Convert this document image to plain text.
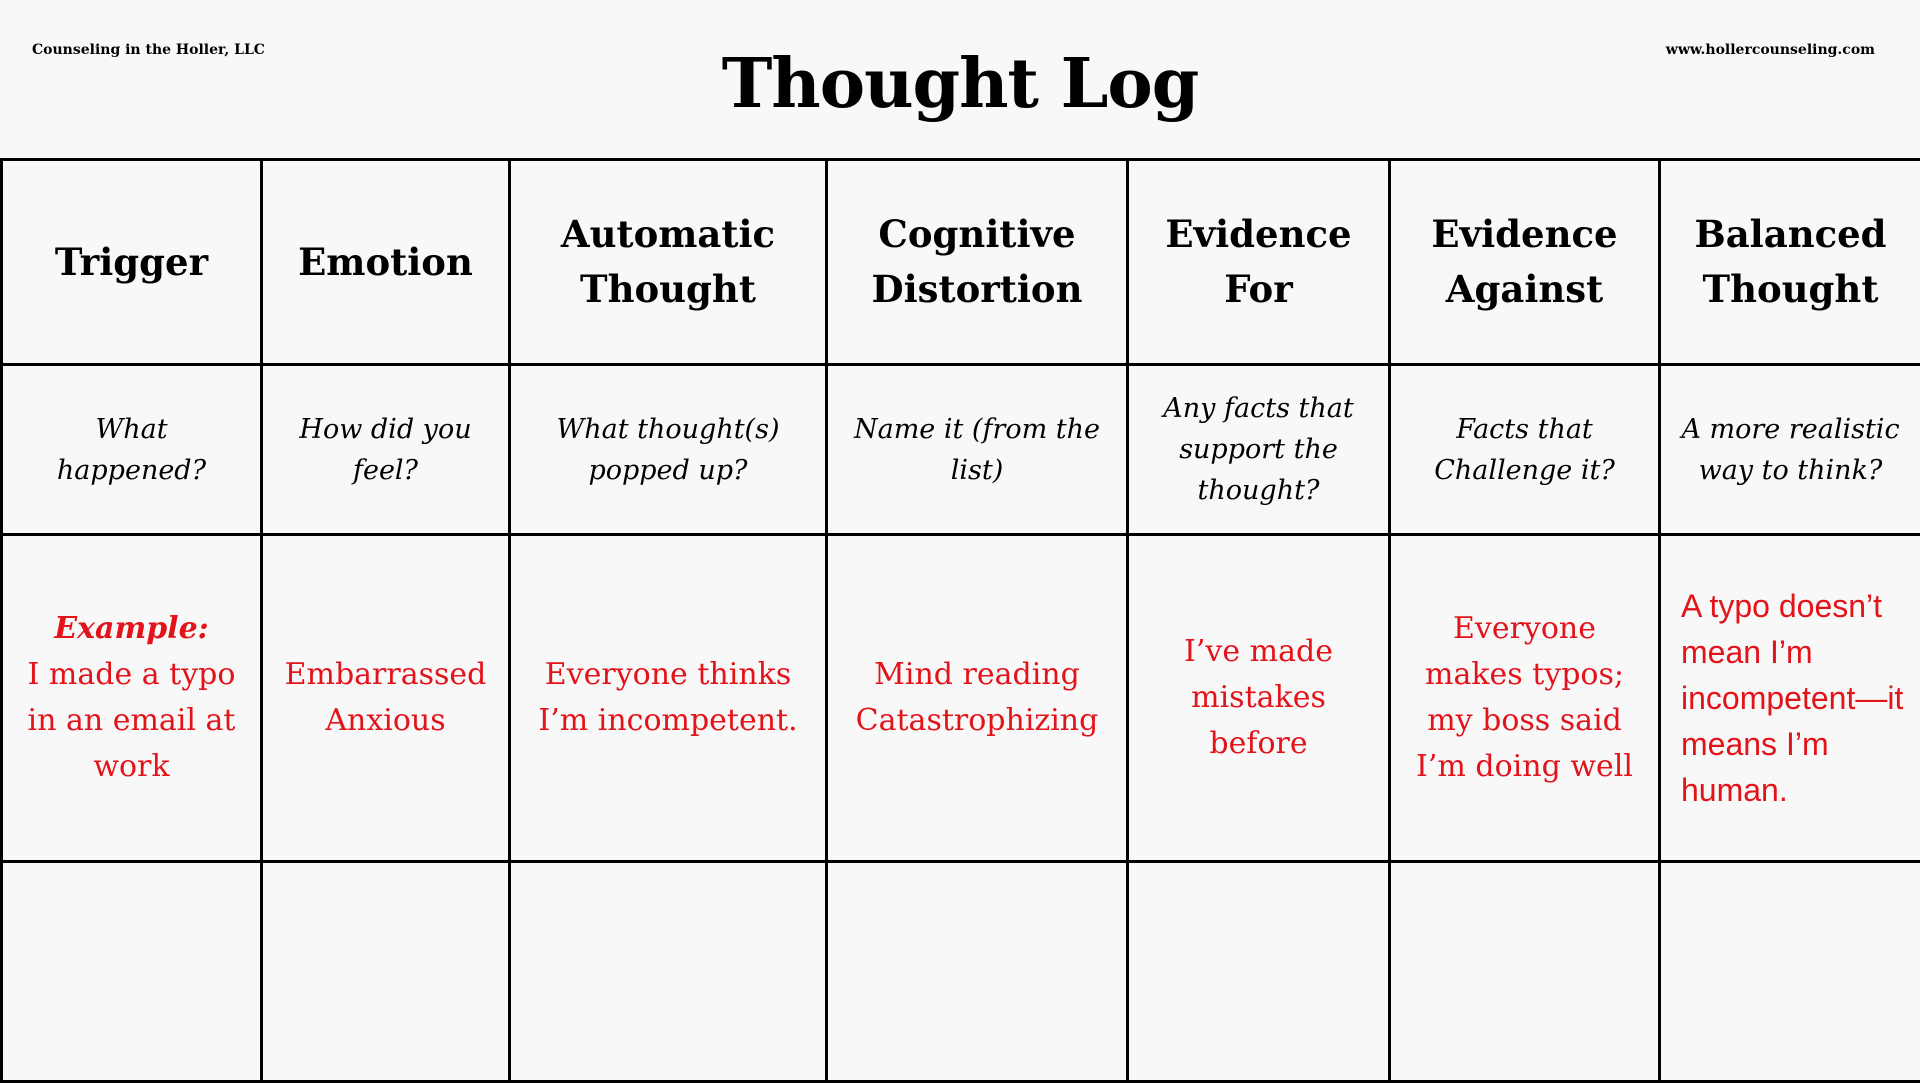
Counseling in the Holler, LLC	Thought Log	www.hollercounseling.com
Trigger	Emotion	Automatic Thought	Cognitive Distortion	Evidence For	Evidence Against	Balanced Thought
What happened?	How did you feel?	What thought(s) popped up?	Name it (from the list)	Any facts that support the thought?	Facts that Challenge it?	A more realistic way to think?

Example:
I made a typo in an email at work	Embarrassed Anxious	Everyone thinks I’m incompetent.	Mind reading Catastrophizing	I’ve made mistakes before	Everyone makes typos; my boss said I’m doing well	A typo doesn’t mean I’m incompetent—it means I’m human.
